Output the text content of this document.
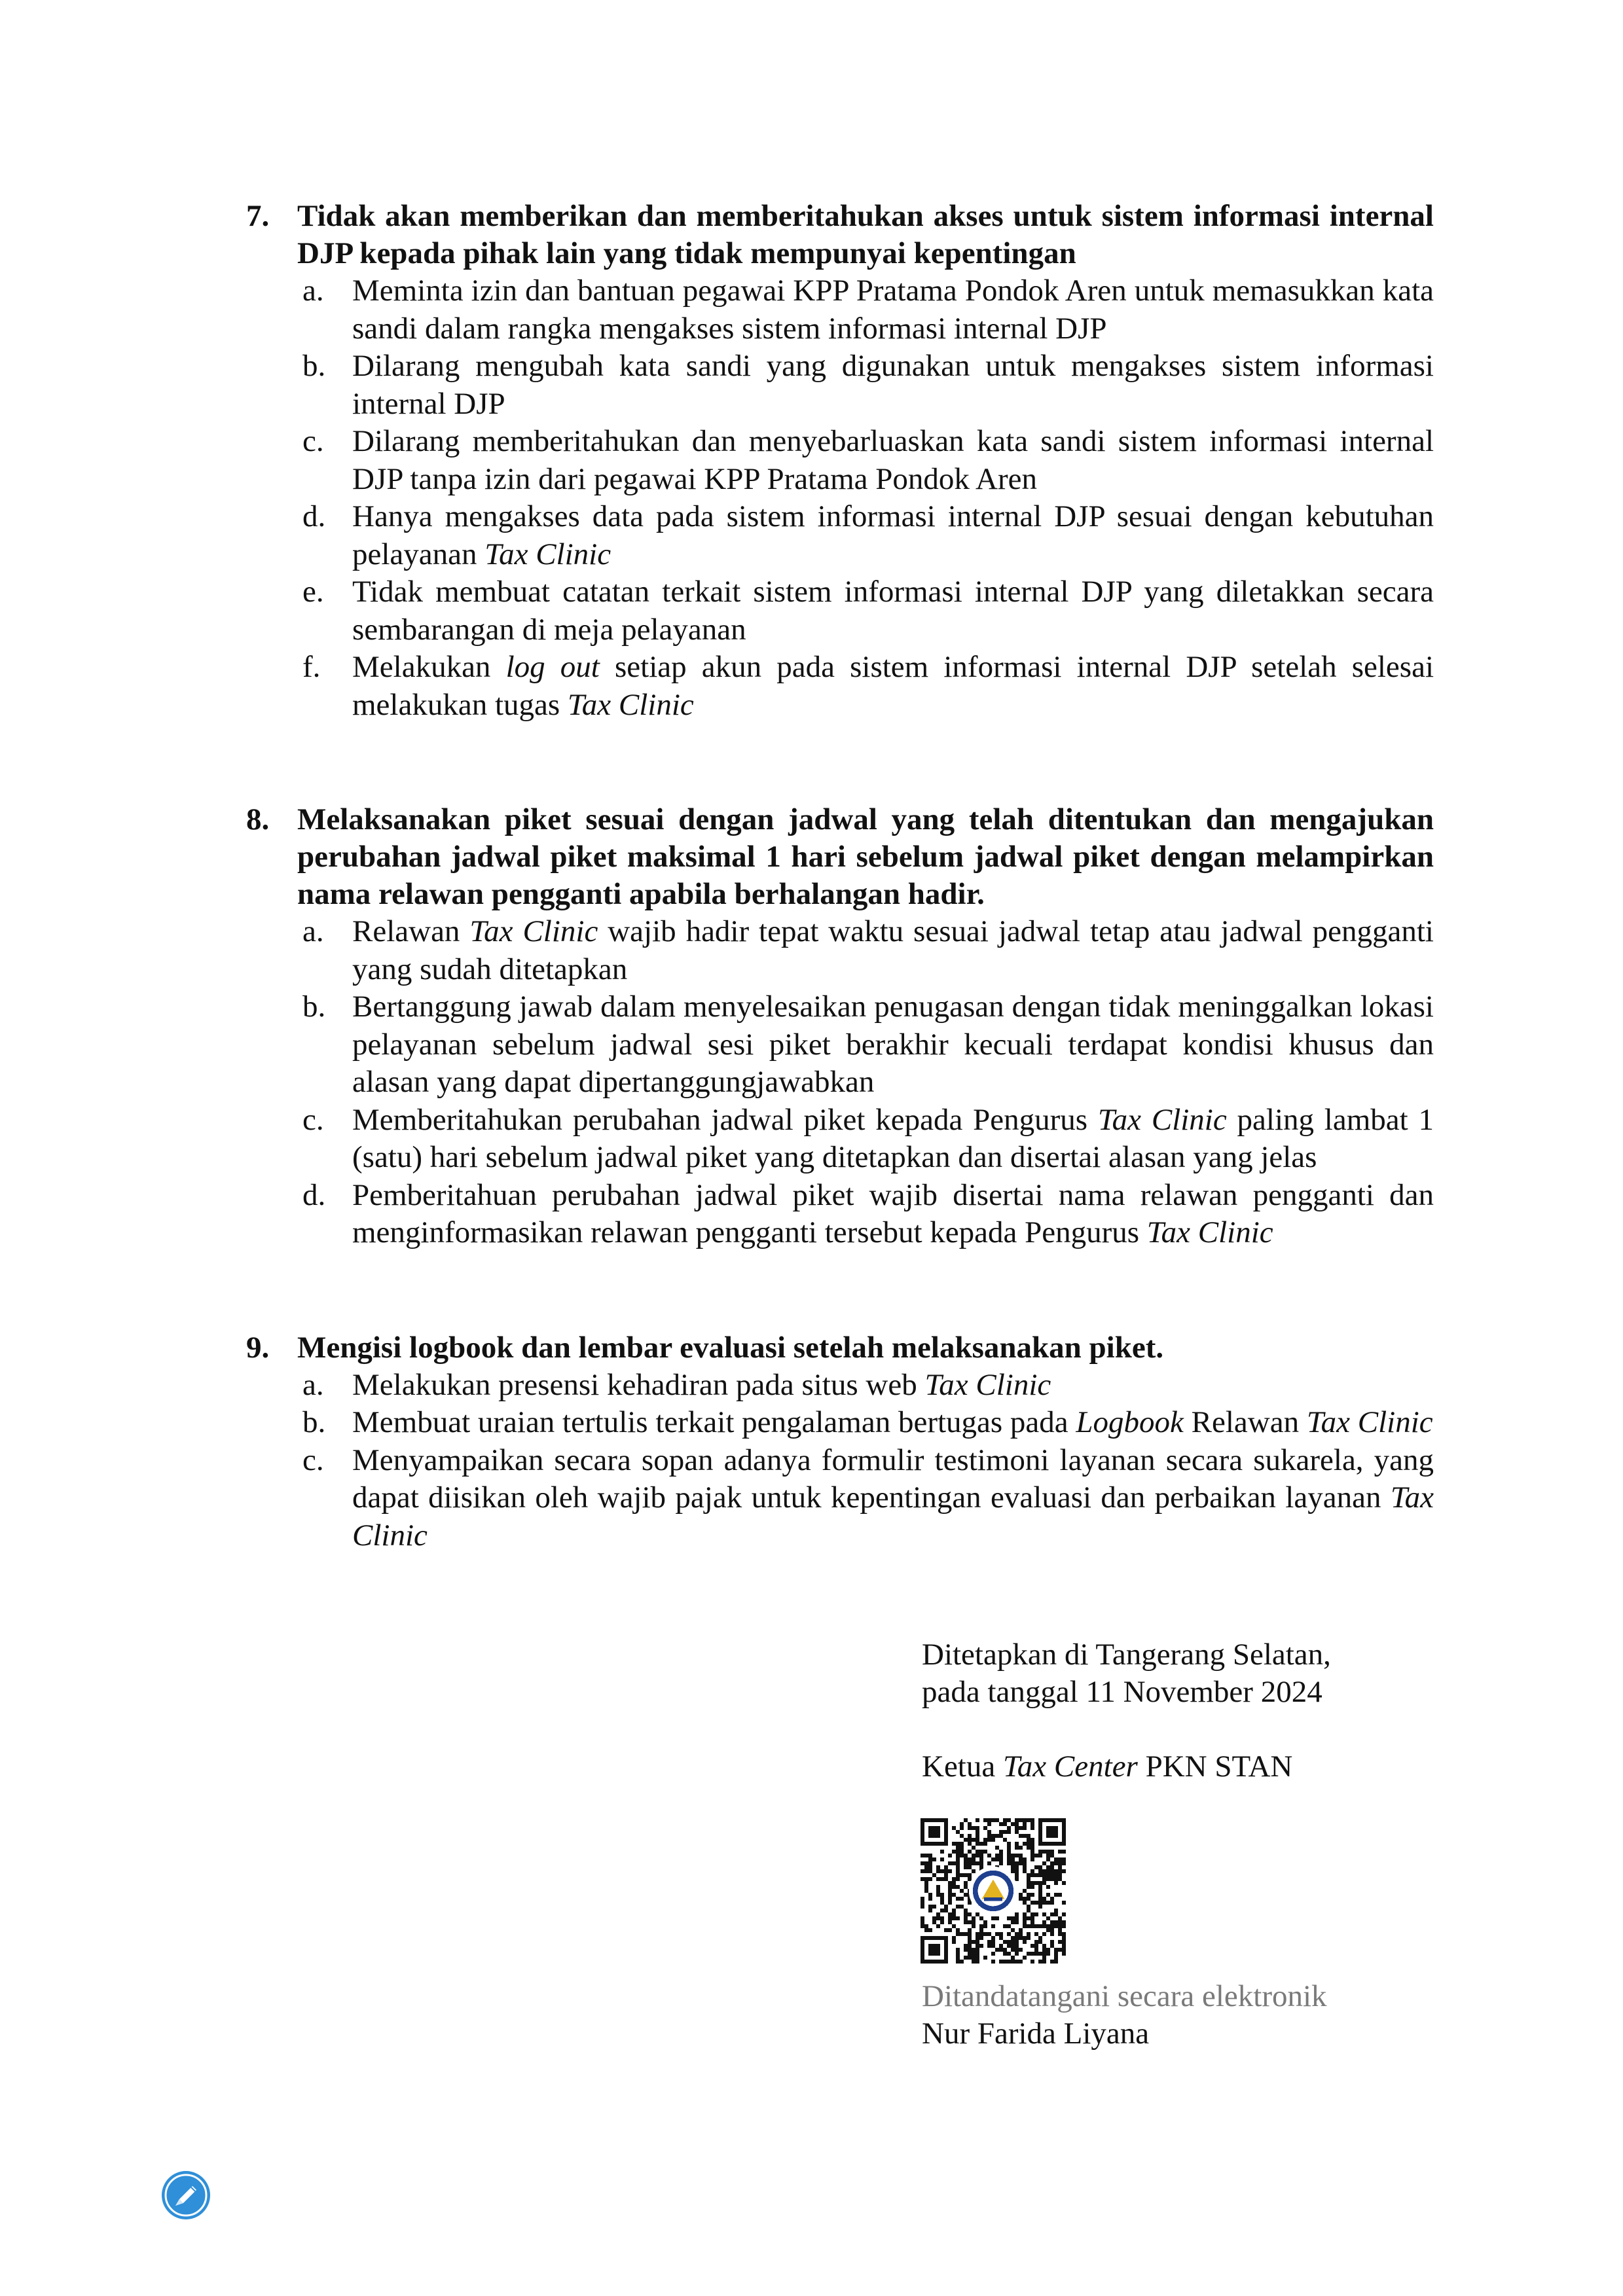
7. Tidak akan memberikan dan memberitahukan akses untuk sistem informasi internal DJP kepada pihak lain yang tidak mempunyai kepentingan
a. Meminta izin dan bantuan pegawai KPP Pratama Pondok Aren untuk memasukkan kata sandi dalam rangka mengakses sistem informasi internal DJP
b. Dilarang mengubah kata sandi yang digunakan untuk mengakses sistem informasi internal DJP
c. Dilarang memberitahukan dan menyebarluaskan kata sandi sistem informasi internal DJP tanpa izin dari pegawai KPP Pratama Pondok Aren
d. Hanya mengakses data pada sistem informasi internal DJP sesuai dengan kebutuhan pelayanan Tax Clinic
e. Tidak membuat catatan terkait sistem informasi internal DJP yang diletakkan secara sembarangan di meja pelayanan
f. Melakukan log out setiap akun pada sistem informasi internal DJP setelah selesai melakukan tugas Tax Clinic
8. Melaksanakan piket sesuai dengan jadwal yang telah ditentukan dan mengajukan perubahan jadwal piket maksimal 1 hari sebelum jadwal piket dengan melampirkan nama relawan pengganti apabila berhalangan hadir.
a. Relawan Tax Clinic wajib hadir tepat waktu sesuai jadwal tetap atau jadwal pengganti yang sudah ditetapkan
b. Bertanggung jawab dalam menyelesaikan penugasan dengan tidak meninggalkan lokasi pelayanan sebelum jadwal sesi piket berakhir kecuali terdapat kondisi khusus dan alasan yang dapat dipertanggungjawabkan
c. Memberitahukan perubahan jadwal piket kepada Pengurus Tax Clinic paling lambat 1 (satu) hari sebelum jadwal piket yang ditetapkan dan disertai alasan yang jelas
d. Pemberitahuan perubahan jadwal piket wajib disertai nama relawan pengganti dan menginformasikan relawan pengganti tersebut kepada Pengurus Tax Clinic
9. Mengisi logbook dan lembar evaluasi setelah melaksanakan piket.
a. Melakukan presensi kehadiran pada situs web Tax Clinic
b. Membuat uraian tertulis terkait pengalaman bertugas pada Logbook Relawan Tax Clinic
c. Menyampaikan secara sopan adanya formulir testimoni layanan secara sukarela, yang dapat diisikan oleh wajib pajak untuk kepentingan evaluasi dan perbaikan layanan Tax Clinic
Ditetapkan di Tangerang Selatan,
pada tanggal 11 November 2024
Ketua Tax Center PKN STAN
Ditandatangani secara elektronik
Nur Farida Liyana
